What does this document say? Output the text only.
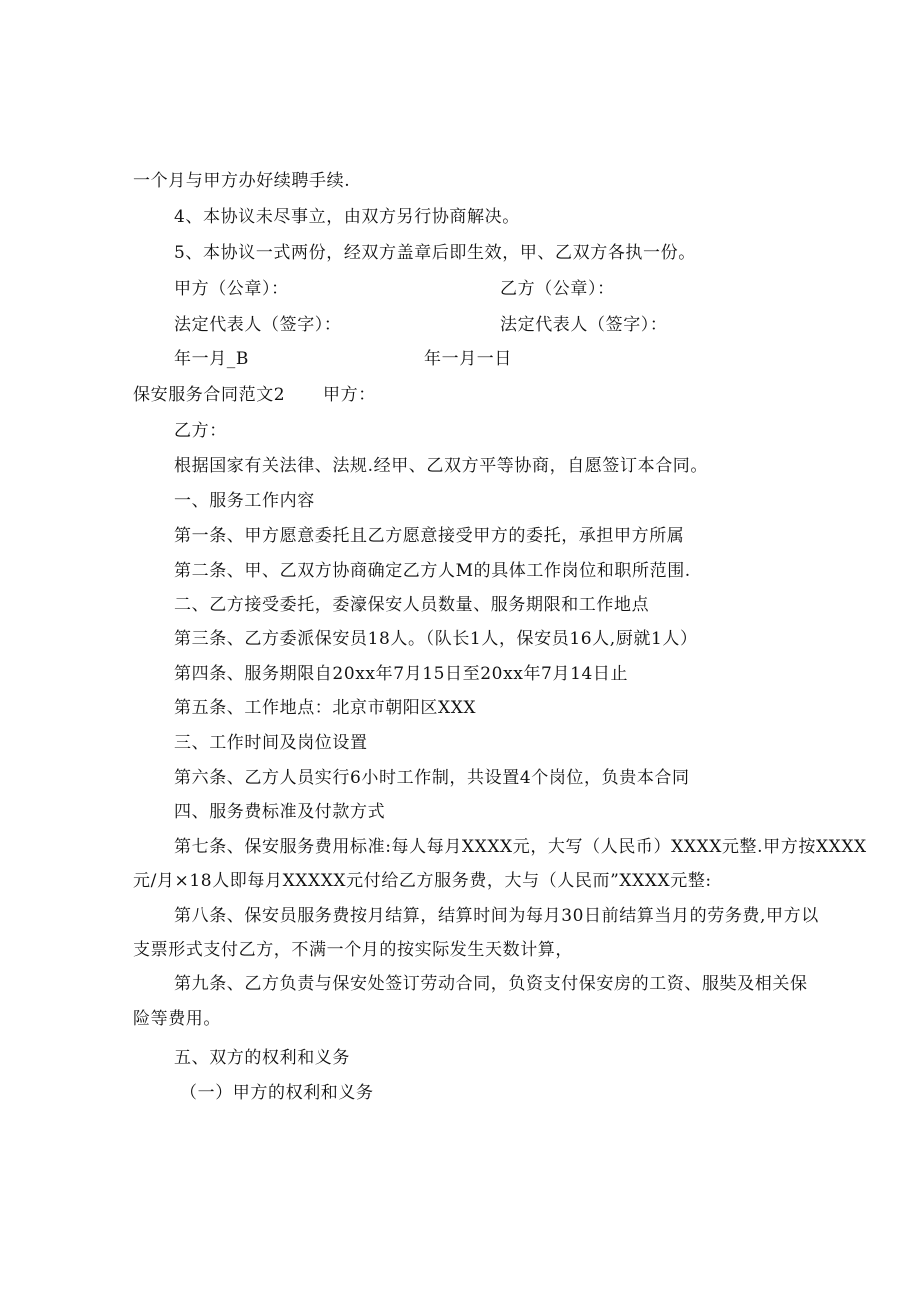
一个月与甲方办好续聘手续.
4、本协议未尽事立，由双方另行协商解决。
5、本协议一式两份，经双方盖章后即生效，甲、乙双方各执一份。
甲方（公章）：	乙方（公章）：
法定代表人（签字）：	法定代表人（签字）：
年一月_B	年一月一日
保安服务合同范文2 甲方：
乙方：
根据国家有关法律、法规.经甲、乙双方平等协商，自愿签订本合同。
一、服务工作内容
第一条、甲方愿意委托且乙方愿意接受甲方的委托，承担甲方所属
第二条、甲、乙双方协商确定乙方人M的具体工作岗位和职所范围.
二、乙方接受委托，委濠保安人员数量、服务期限和工作地点
第三条、乙方委派保安员18人。（队长1人，保安员16人,厨就1人）
第四条、服务期限自20xx年7月15日至20xx年7月14日止
第五条、工作地点：北京市朝阳区XXX
三、工作时间及岗位设置
第六条、乙方人员实行6小时工作制，共设置4个岗位，负贵本合同
四、服务费标准及付款方式
第七条、保安服务费用标准:每人每月XXXX元，大写（人民币）XXXX元整.甲方按XXXX
元/月×18人即每月XXXXX元付给乙方服务费，大与（人民而”XXXX元整:
第八条、保安员服务费按月结算，结算时间为每月30日前结算当月的劳务费,甲方以
支票形式支付乙方，不满一个月的按实际发生天数计算，
第九条、乙方负责与保安处签订劳动合同，负资支付保安房的工资、服奘及相关保
险等费用。
五、双方的权利和义务
（一）甲方的权利和义务
